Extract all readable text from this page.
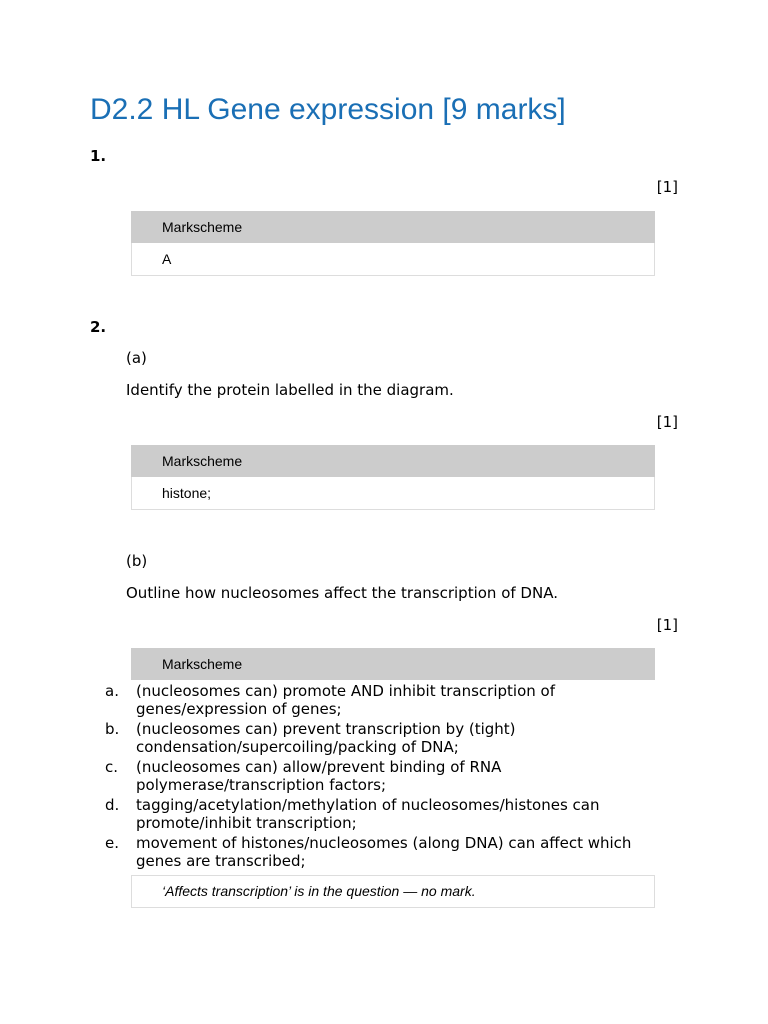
D2.2 HL Gene expression [9 marks]
1.
[1]
Markscheme
A
2.
(a)
Identify the protein labelled in the diagram.
[1]
Markscheme
histone;
(b)
Outline how nucleosomes affect the transcription of DNA.
[1]
Markscheme
a.	(nucleosomes can) promote AND inhibit transcription of genes/expression of genes;
b.	(nucleosomes can) prevent transcription by (tight) condensation/supercoiling/packing of DNA;
c.	(nucleosomes can) allow/prevent binding of RNA polymerase/transcription factors;
d.	tagging/acetylation/methylation of nucleosomes/histones can promote/inhibit transcription;
e.	movement of histones/nucleosomes (along DNA) can affect which genes are transcribed;
‘Affects transcription’ is in the question — no mark.
